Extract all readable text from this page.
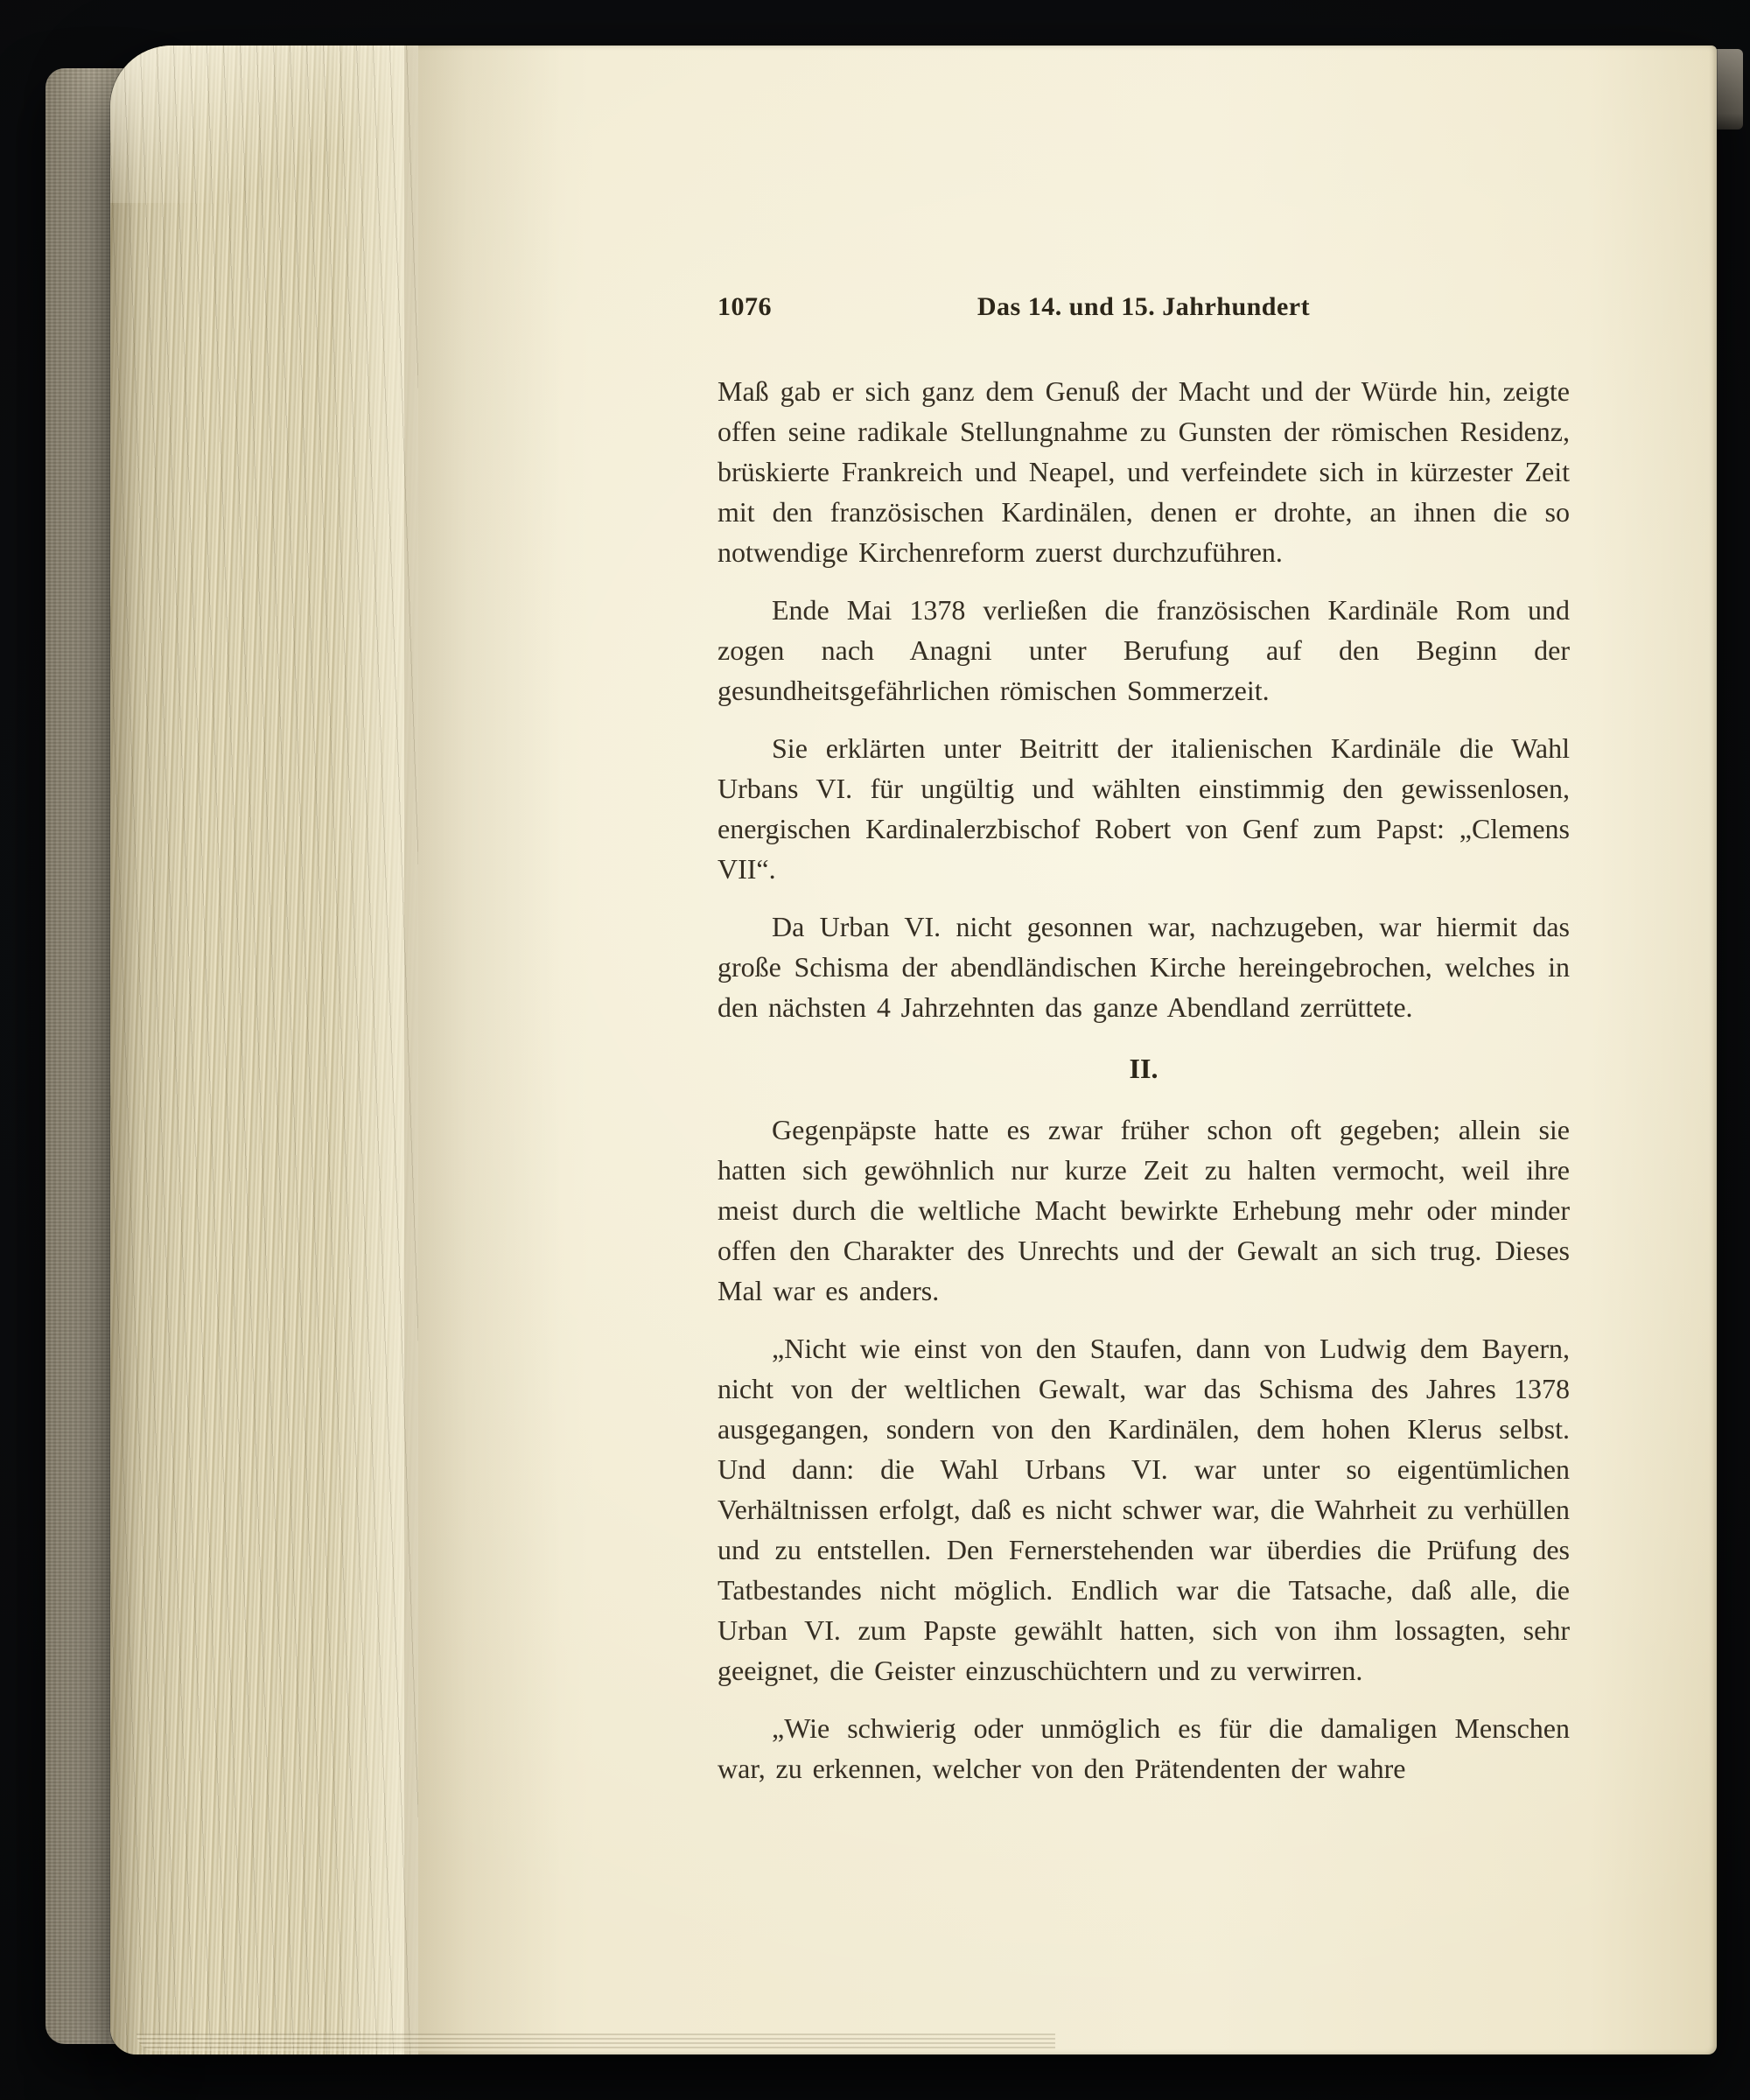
1076	Das 14. und 15. Jahrhundert

Maß gab er sich ganz dem Genuß der Macht und der Würde hin, zeigte offen seine radikale Stellungnahme zu Gunsten der römischen Residenz, brüskierte Frankreich und Neapel, und verfeindete sich in kürzester Zeit mit den französischen Kardinälen, denen er drohte, an ihnen die so notwendige Kirchenreform zuerst durchzuführen.

Ende Mai 1378 verließen die französischen Kardinäle Rom und zogen nach Anagni unter Berufung auf den Beginn der gesundheitsgefährlichen römischen Sommerzeit.

Sie erklärten unter Beitritt der italienischen Kardinäle die Wahl Urbans VI. für ungültig und wählten einstimmig den gewissenlosen, energischen Kardinalerzbischof Robert von Genf zum Papst: „Clemens VII“.

Da Urban VI. nicht gesonnen war, nachzugeben, war hiermit das große Schisma der abendländischen Kirche hereingebrochen, welches in den nächsten 4 Jahrzehnten das ganze Abendland zerrüttete.

II.

Gegenpäpste hatte es zwar früher schon oft gegeben; allein sie hatten sich gewöhnlich nur kurze Zeit zu halten vermocht, weil ihre meist durch die weltliche Macht bewirkte Erhebung mehr oder minder offen den Charakter des Unrechts und der Gewalt an sich trug. Dieses Mal war es anders.

„Nicht wie einst von den Staufen, dann von Ludwig dem Bayern, nicht von der weltlichen Gewalt, war das Schisma des Jahres 1378 ausgegangen, sondern von den Kardinälen, dem hohen Klerus selbst. Und dann: die Wahl Urbans VI. war unter so eigentümlichen Verhältnissen erfolgt, daß es nicht schwer war, die Wahrheit zu verhüllen und zu entstellen. Den Fernerstehenden war überdies die Prüfung des Tatbestandes nicht möglich. Endlich war die Tatsache, daß alle, die Urban VI. zum Papste gewählt hatten, sich von ihm lossagten, sehr geeignet, die Geister einzuschüchtern und zu verwirren.

„Wie schwierig oder unmöglich es für die damaligen Menschen war, zu erkennen, welcher von den Prätendenten der wahre
